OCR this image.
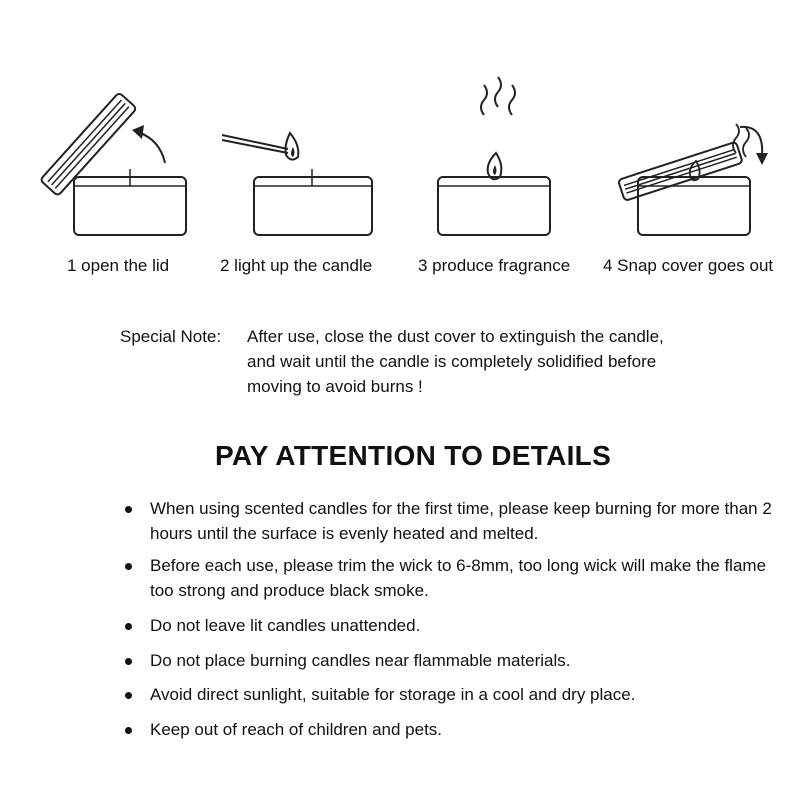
1 open the lid	2 light up the candle	3 produce fragrance 4 Snap cover goes out
Special Note: After use, close the dust cover to extinguish the candle,
and wait until the candle is completely solidified before
moving to avoid burns !
PAY ATTENTION TO DETAILS
When using scented candles for the first time, please keep burning for more than 2 hours until the surface is evenly heated and melted.
Before each use, please trim the wick to 6-8mm, too long wick will make the flame too strong and produce black smoke.
Do not leave lit candles unattended.
Do not place burning candles near flammable materials.
Avoid direct sunlight, suitable for storage in a cool and dry place.
Keep out of reach of children and pets.
